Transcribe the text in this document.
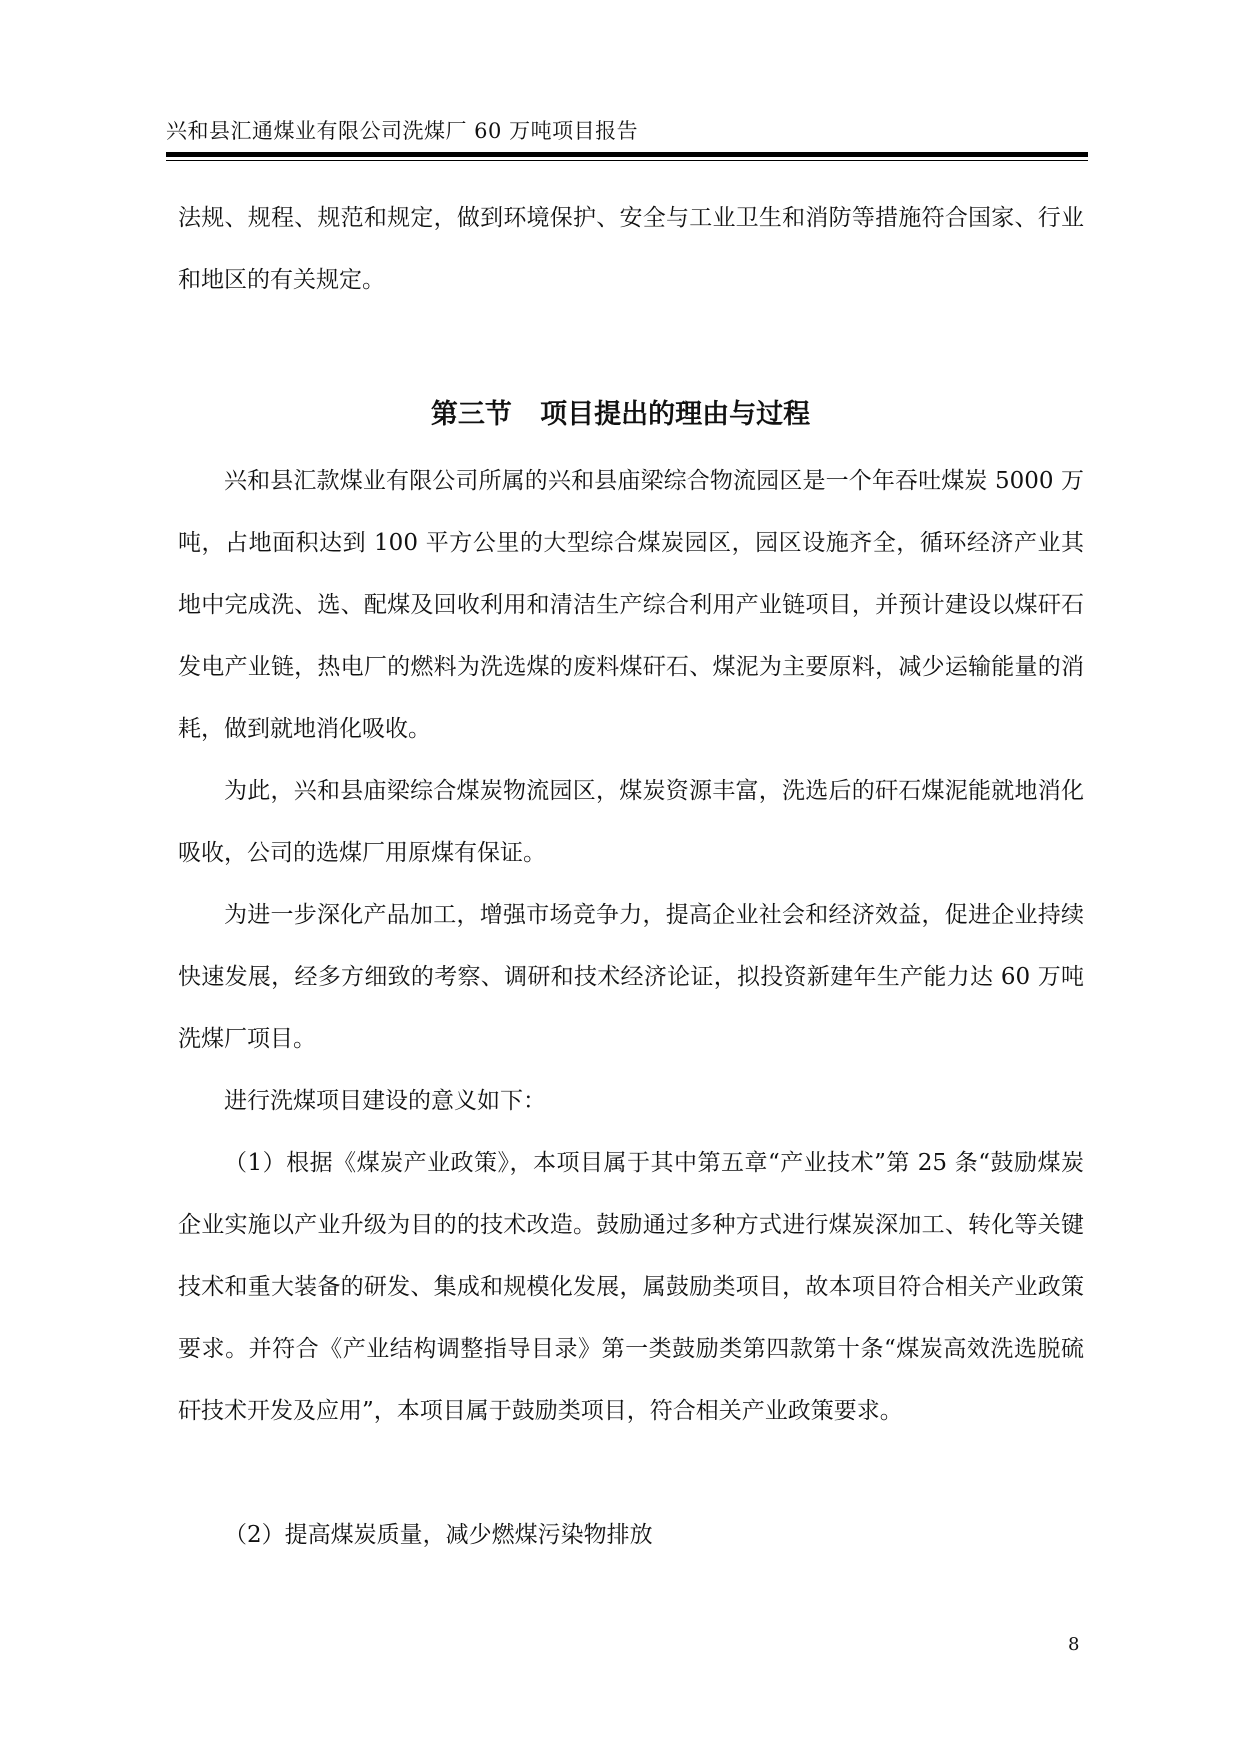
兴和县汇通煤业有限公司洗煤厂 60 万吨项目报告

法规、规程、规范和规定，做到环境保护、安全与工业卫生和消防等措施符合国家、行业和地区的有关规定。

第三节   项目提出的理由与过程

兴和县汇款煤业有限公司所属的兴和县庙梁综合物流园区是一个年吞吐煤炭 5000 万吨，占地面积达到 100 平方公里的大型综合煤炭园区，园区设施齐全，循环经济产业其地中完成洗、选、配煤及回收利用和清洁生产综合利用产业链项目，并预计建设以煤矸石发电产业链，热电厂的燃料为洗选煤的废料煤矸石、煤泥为主要原料，减少运输能量的消耗，做到就地消化吸收。

为此，兴和县庙梁综合煤炭物流园区，煤炭资源丰富，洗选后的矸石煤泥能就地消化吸收，公司的选煤厂用原煤有保证。

为进一步深化产品加工，增强市场竞争力，提高企业社会和经济效益，促进企业持续快速发展，经多方细致的考察、调研和技术经济论证，拟投资新建年生产能力达 60 万吨洗煤厂项目。

进行洗煤项目建设的意义如下：

（1）根据《煤炭产业政策》，本项目属于其中第五章“产业技术”第 25 条“鼓励煤炭企业实施以产业升级为目的的技术改造。鼓励通过多种方式进行煤炭深加工、转化等关键技术和重大装备的研发、集成和规模化发展，属鼓励类项目，故本项目符合相关产业政策要求。并符合《产业结构调整指导目录》第一类鼓励类第四款第十条“煤炭高效洗选脱硫矸技术开发及应用”，本项目属于鼓励类项目，符合相关产业政策要求。

（2）提高煤炭质量，减少燃煤污染物排放

8
